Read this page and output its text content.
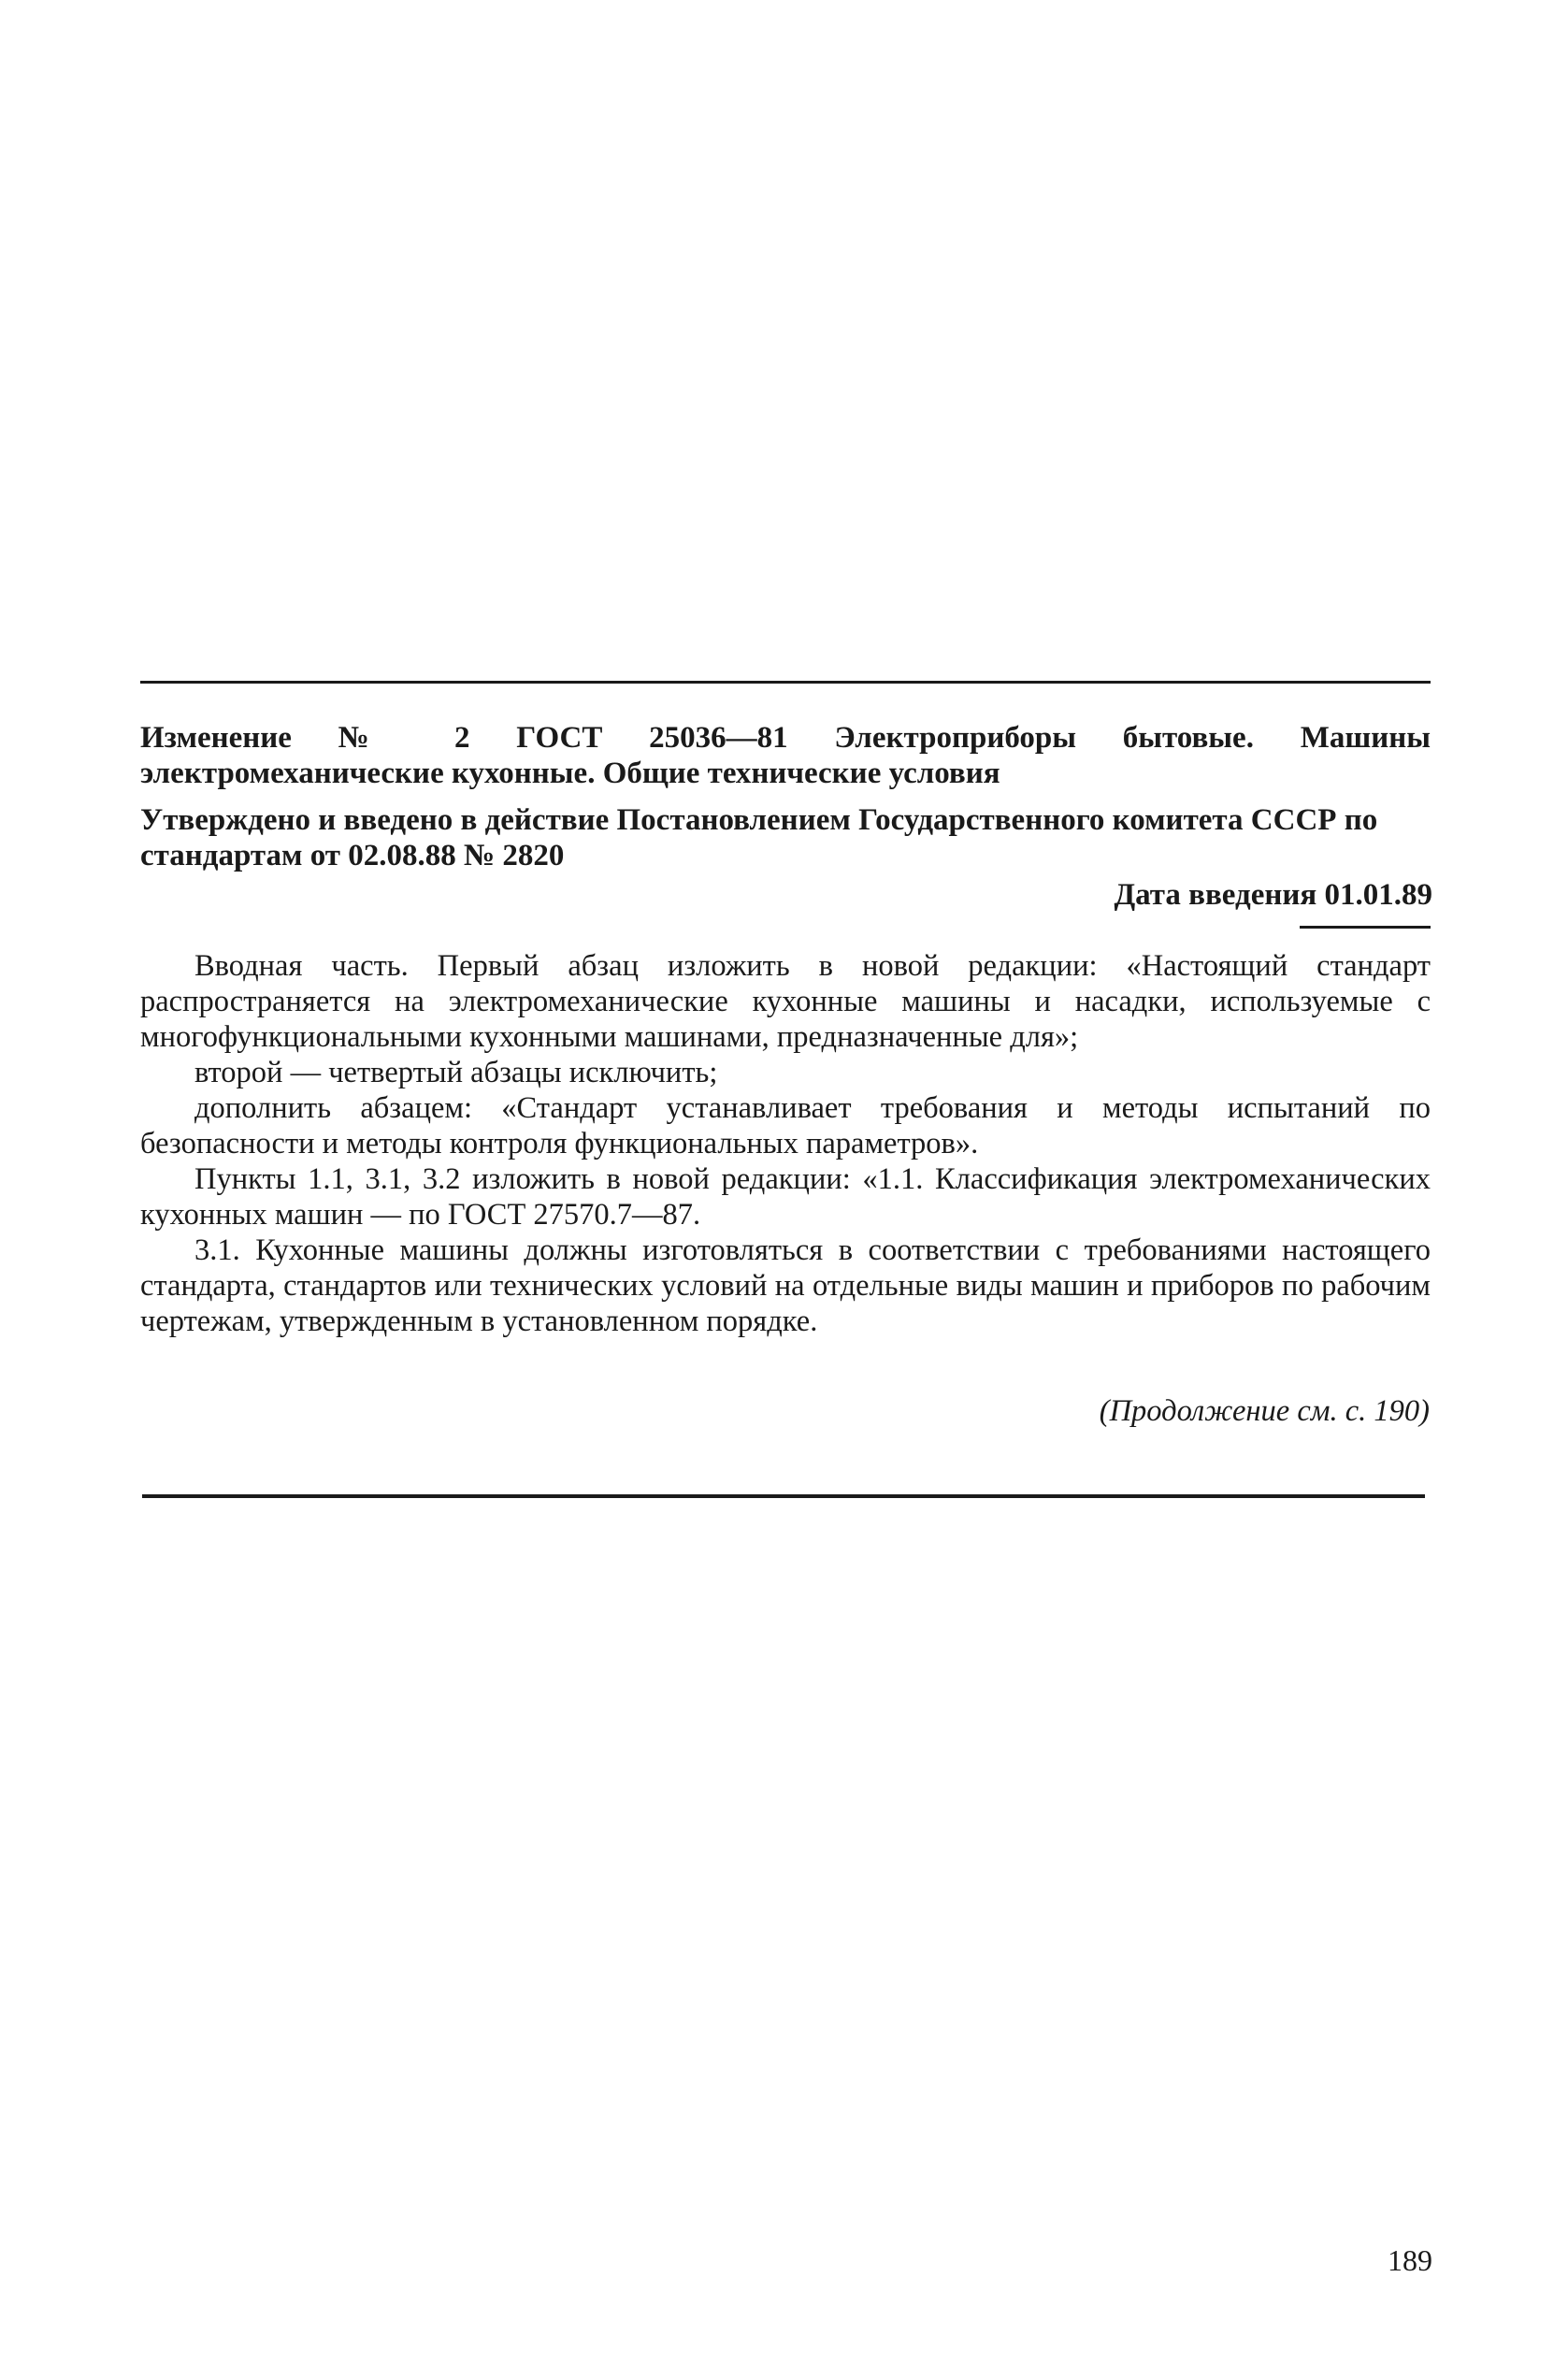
Изменение № 2 ГОСТ 25036—81 Электроприборы бытовые. Машины электромеханические кухонные. Общие технические условия
Утверждено и введено в действие Постановлением Государственного комитета СССР по стандартам от 02.08.88 № 2820
Дата введения 01.01.89

Вводная часть. Первый абзац изложить в новой редакции: «Настоящий стандарт распространяется на электромеханические кухонные машины и насадки, используемые с многофункциональными кухонными машинами, предназначенные для»;

второй — четвертый абзацы исключить;

дополнить абзацем: «Стандарт устанавливает требования и методы испытаний по безопасности и методы контроля функциональных параметров».

Пункты 1.1, 3.1, 3.2 изложить в новой редакции: «1.1. Классификация электромеханических кухонных машин — по ГОСТ 27570.7—87.

3.1. Кухонные машины должны изготовляться в соответствии с требованиями настоящего стандарта, стандартов или технических условий на отдельные виды машин и приборов по рабочим чертежам, утвержденным в установленном порядке.

(Продолжение см. с. 190)
189
